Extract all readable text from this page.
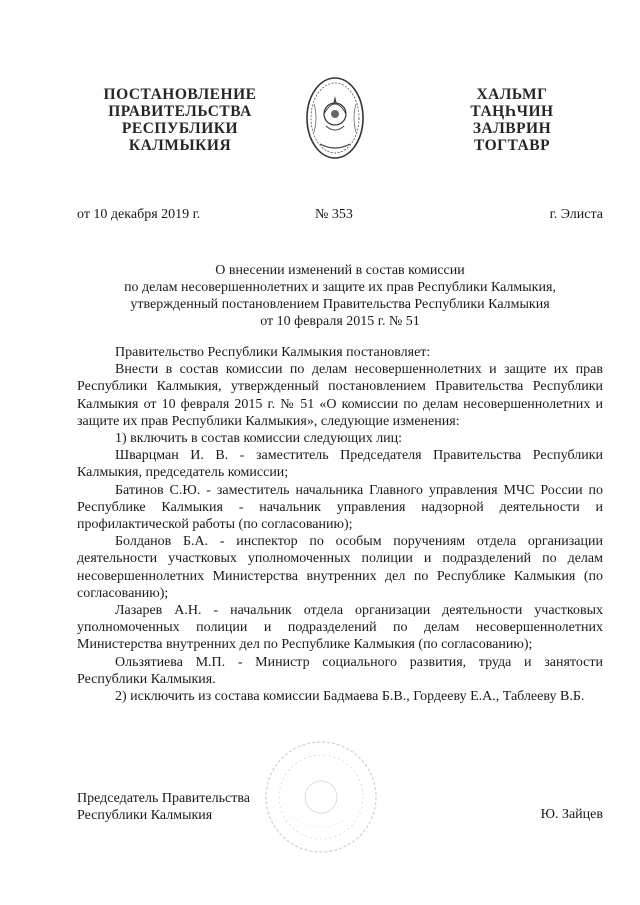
ПОСТАНОВЛЕНИЕ
ПРАВИТЕЛЬСТВА
РЕСПУБЛИКИ
КАЛМЫКИЯ
ХАЛЬМГ
ТАҢҺЧИН
ЗАЛВРИН
ТОГТАВР
от 10 декабря 2019 г.	№ 353	г. Элиста
О внесении изменений в состав комиссии
по делам несовершеннолетних и защите их прав Республики Калмыкия,
утвержденный постановлением Правительства Республики Калмыкия
от 10 февраля 2015 г. № 51

Правительство Республики Калмыкия постановляет:

Внести в состав комиссии по делам несовершеннолетних и защите их прав Республики Калмыкия, утвержденный постановлением Правительства Республики Калмыкия от 10 февраля 2015 г. № 51 «О комиссии по делам несовершеннолетних и защите их прав Республики Калмыкия», следующие изменения:

1) включить в состав комиссии следующих лиц:

Шварцман И. В. - заместитель Председателя Правительства Республики Калмыкия, председатель комиссии;

Батинов С.Ю. - заместитель начальника Главного управления МЧС России по Республике Калмыкия - начальник управления надзорной деятельности и профилактической работы (по согласованию);

Болданов Б.А. - инспектор по особым поручениям отдела организации деятельности участковых уполномоченных полиции и подразделений по делам несовершеннолетних Министерства внутренних дел по Республике Калмыкия (по согласованию);

Лазарев А.Н. - начальник отдела организации деятельности участковых уполномоченных полиции и подразделений по делам несовершеннолетних Министерства внутренних дел по Республике Калмыкия (по согласованию);

Ользятиева М.П. - Министр социального развития, труда и занятости Республики Калмыкия.

2) исключить из состава комиссии Бадмаева Б.В., Гордееву Е.А., Таблееву В.Б.

Председатель Правительства
Республики Калмыкия	Ю. Зайцев
